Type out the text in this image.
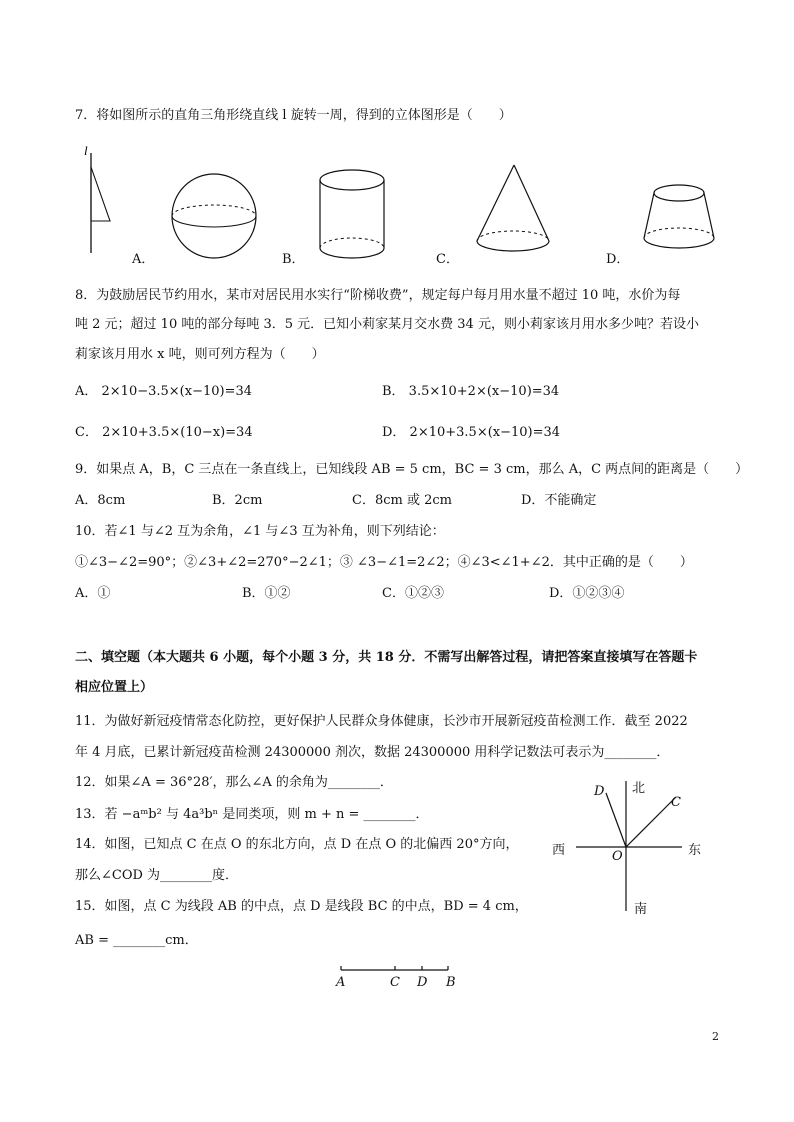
7．将如图所示的直角三角形绕直线 l 旋转一周，得到的立体图形是（　　）
l
A．	B．	C．	D．
8．为鼓励居民节约用水，某市对居民用水实行“阶梯收费”，规定每户每月用水量不超过 10 吨，水价为每
吨 2 元；超过 10 吨的部分每吨 3．5 元．已知小莉家某月交水费 34 元，则小莉家该月用水多少吨？若设小
莉家该月用水 x 吨，则可列方程为（　　）
A． 2×10−3.5×(x−10)=34	B． 3.5×10+2×(x−10)=34
C． 2×10+3.5×(10−x)=34	D． 2×10+3.5×(x−10)=34
9．如果点 A，B，C 三点在一条直线上，已知线段 AB = 5 cm，BC = 3 cm，那么 A，C 两点间的距离是（　　）
A．8cm	B．2cm	C．8cm 或 2cm	D．不能确定
10．若∠1 与∠2 互为余角，∠1 与∠3 互为补角，则下列结论：
①∠3−∠2=90°；②∠3+∠2=270°−2∠1；③ ∠3−∠1=2∠2；④∠3<∠1+∠2．其中正确的是（　　）
A．①	B．①②	C．①②③	D．①②③④
二、填空题（本大题共 6 小题，每个小题 3 分，共 18 分．不需写出解答过程，请把答案直接填写在答题卡
相应位置上）
11．为做好新冠疫情常态化防控，更好保护人民群众身体健康，长沙市开展新冠疫苗检测工作．截至 2022
年 4 月底，已累计新冠疫苗检测 24300000 剂次，数据 24300000 用科学记数法可表示为________．
12．如果∠A = 36°28′，那么∠A 的余角为________．
13．若 −aᵐb² 与 4a³bⁿ 是同类项，则 m + n = ________．
14．如图，已知点 C 在点 O 的东北方向，点 D 在点 O 的北偏西 20°方向，
那么∠COD 为________度．
北
南
东
西
D
C
O
15．如图，点 C 为线段 AB 的中点，点 D 是线段 BC 的中点，BD = 4 cm，
AB = ________cm．
A	C D B
2
